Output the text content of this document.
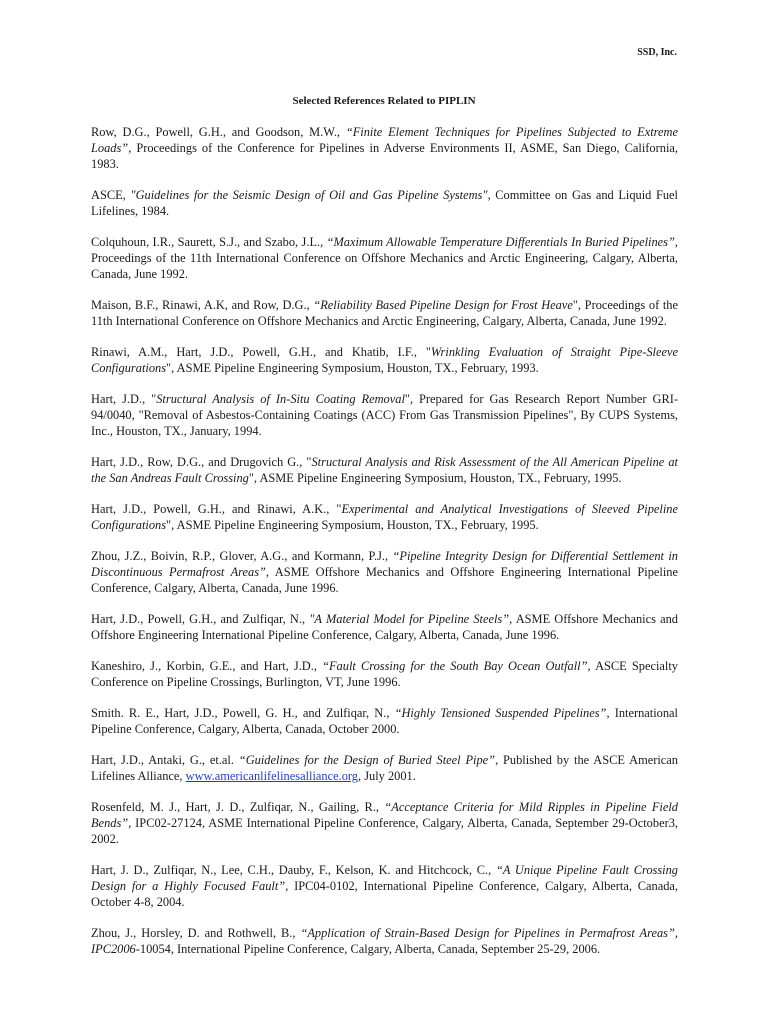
SSD, Inc.
Selected References Related to PIPLIN

Row, D.G., Powell, G.H., and Goodson, M.W., “Finite Element Techniques for Pipelines Subjected to Extreme Loads”, Proceedings of the Conference for Pipelines in Adverse Environments II, ASME, San Diego, California, 1983.

ASCE, "Guidelines for the Seismic Design of Oil and Gas Pipeline Systems", Committee on Gas and Liquid Fuel Lifelines, 1984.

Colquhoun, I.R., Saurett, S.J., and Szabo, J.L., “Maximum Allowable Temperature Differentials In Buried Pipelines”, Proceedings of the 11th International Conference on Offshore Mechanics and Arctic Engineering, Calgary, Alberta, Canada, June 1992.

Maison, B.F., Rinawi, A.K, and Row, D.G., “Reliability Based Pipeline Design for Frost Heave", Proceedings of the 11th International Conference on Offshore Mechanics and Arctic Engineering, Calgary, Alberta, Canada, June 1992.

Rinawi, A.M., Hart, J.D., Powell, G.H., and Khatib, I.F., "Wrinkling Evaluation of Straight Pipe-Sleeve Configurations", ASME Pipeline Engineering Symposium, Houston, TX., February, 1993.

Hart, J.D., "Structural Analysis of In-Situ Coating Removal", Prepared for Gas Research Report Number GRI-94/0040, "Removal of Asbestos-Containing Coatings (ACC) From Gas Transmission Pipelines", By CUPS Systems, Inc., Houston, TX., January, 1994.

Hart, J.D., Row, D.G., and Drugovich G., "Structural Analysis and Risk Assessment of the All American Pipeline at the San Andreas Fault Crossing", ASME Pipeline Engineering Symposium, Houston, TX., February, 1995.

Hart, J.D., Powell, G.H., and Rinawi, A.K., "Experimental and Analytical Investigations of Sleeved Pipeline Configurations", ASME Pipeline Engineering Symposium, Houston, TX., February, 1995.

Zhou, J.Z., Boivin, R.P., Glover, A.G., and Kormann, P.J., “Pipeline Integrity Design for Differential Settlement in Discontinuous Permafrost Areas”, ASME Offshore Mechanics and Offshore Engineering International Pipeline Conference, Calgary, Alberta, Canada, June 1996.

Hart, J.D., Powell, G.H., and Zulfiqar, N., "A Material Model for Pipeline Steels”, ASME Offshore Mechanics and Offshore Engineering International Pipeline Conference, Calgary, Alberta, Canada, June 1996.

Kaneshiro, J., Korbin, G.E., and Hart, J.D., “Fault Crossing for the South Bay Ocean Outfall”, ASCE Specialty Conference on Pipeline Crossings, Burlington, VT, June 1996.

Smith. R. E., Hart, J.D., Powell, G. H., and Zulfiqar, N., “Highly Tensioned Suspended Pipelines”, International Pipeline Conference, Calgary, Alberta, Canada, October 2000.

Hart, J.D., Antaki, G., et.al. “Guidelines for the Design of Buried Steel Pipe”, Published by the ASCE American Lifelines Alliance, www.americanlifelinesalliance.org, July 2001.

Rosenfeld, M. J., Hart, J. D., Zulfiqar, N., Gailing, R., “Acceptance Criteria for Mild Ripples in Pipeline Field Bends”, IPC02-27124, ASME International Pipeline Conference, Calgary, Alberta, Canada, September 29-October3, 2002.

Hart, J. D., Zulfiqar, N., Lee, C.H., Dauby, F., Kelson, K. and Hitchcock, C., “A Unique Pipeline Fault Crossing Design for a Highly Focused Fault”, IPC04-0102, International Pipeline Conference, Calgary, Alberta, Canada, October 4-8, 2004.

Zhou, J., Horsley, D. and Rothwell, B., “Application of Strain-Based Design for Pipelines in Permafrost Areas”, IPC2006-10054, International Pipeline Conference, Calgary, Alberta, Canada, September 25-29, 2006.
